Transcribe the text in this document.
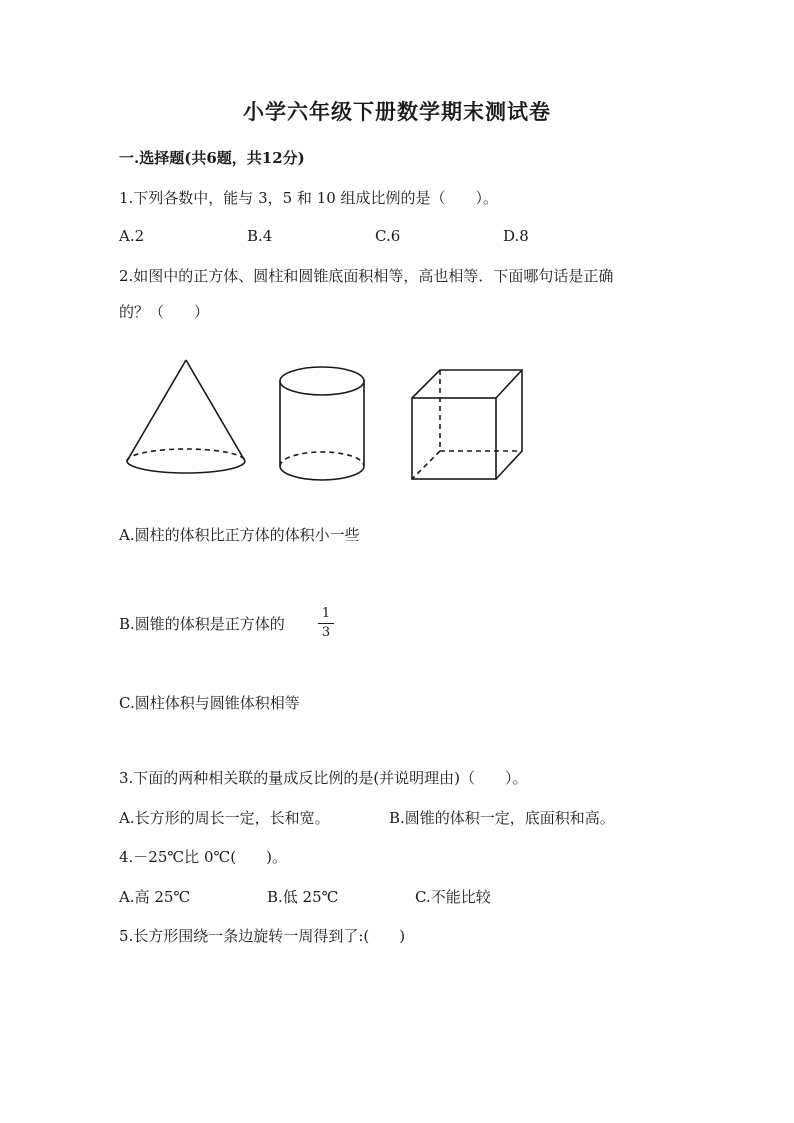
小学六年级下册数学期末测试卷
一.选择题(共6题，共12分)
1.下列各数中，能与 3，5 和 10 组成比例的是（　　）。
A.2	B.4	C.6	D.8
2.如图中的正方体、圆柱和圆锥底面积相等，高也相等．下面哪句话是正确
的？（　　）
A.圆柱的体积比正方体的体积小一些
B.圆锥的体积是正方体的
1
3
C.圆柱体积与圆锥体积相等
3.下面的两种相关联的量成反比例的是(并说明理由)（　　）。
A.长方形的周长一定，长和宽。	B.圆锥的体积一定，底面积和高。
4.－25℃比 0℃(　　)。
A.高 25℃	B.低 25℃	C.不能比较
5.长方形围绕一条边旋转一周得到了:(　　)
